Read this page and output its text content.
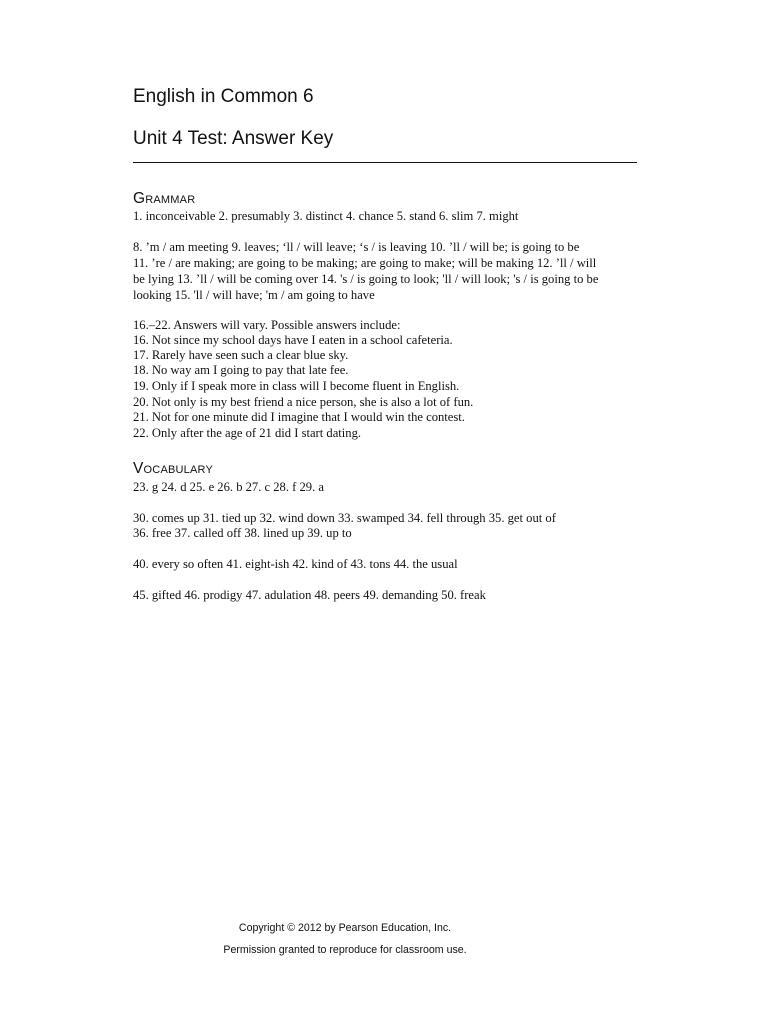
English in Common 6
Unit 4 Test: Answer Key
Grammar
1. inconceivable 2. presumably 3. distinct 4. chance 5. stand 6. slim 7. might
8. ’m / am meeting 9. leaves; ‘ll / will leave; ‘s / is leaving 10. ’ll / will be; is going to be
11. ’re / are making; are going to be making; are going to make; will be making 12. ’ll / will
be lying 13. ’ll / will be coming over 14. 's / is going to look; 'll / will look; 's / is going to be
looking 15. 'll / will have; 'm / am going to have
16.–22. Answers will vary. Possible answers include:
16. Not since my school days have I eaten in a school cafeteria.
17. Rarely have seen such a clear blue sky.
18. No way am I going to pay that late fee.
19. Only if I speak more in class will I become fluent in English.
20. Not only is my best friend a nice person, she is also a lot of fun.
21. Not for one minute did I imagine that I would win the contest.
22. Only after the age of 21 did I start dating.
Vocabulary
23. g 24. d 25. e 26. b 27. c 28. f 29. a
30. comes up 31. tied up 32. wind down 33. swamped 34. fell through 35. get out of
36. free 37. called off 38. lined up 39. up to
40. every so often 41. eight-ish 42. kind of 43. tons 44. the usual
45. gifted 46. prodigy 47. adulation 48. peers 49. demanding 50. freak
Copyright © 2012 by Pearson Education, Inc.
Permission granted to reproduce for classroom use.
